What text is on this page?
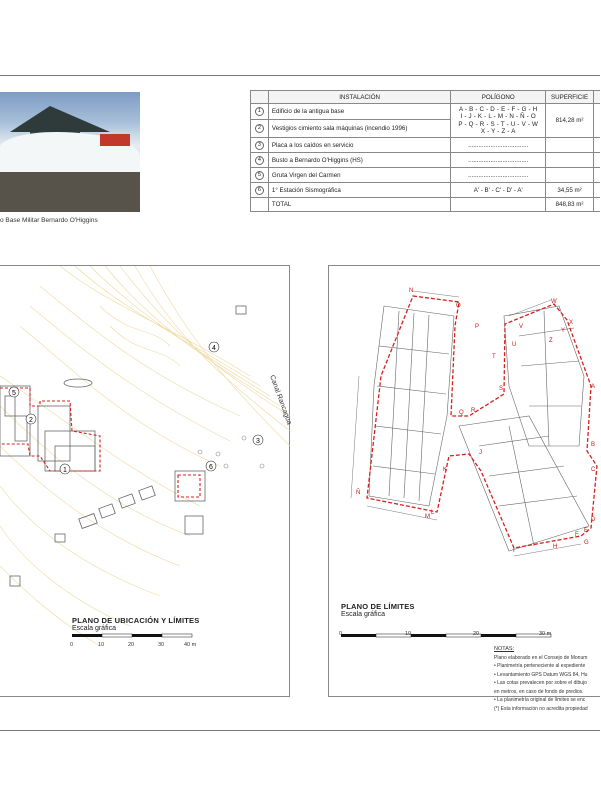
o Base Militar Bernardo O'Higgins
	INSTALACIÓN	POLÍGONO	SUPERFICIE	
1	Edificio de la antigua base	A - B - C - D - E - F - G - H
I - J - K - L - M - N - Ñ - O
P - Q - R - S - T - U - V - W
X - Y - Z - A	814,28 m²	
2	Vestigios cimiento sala máquinas (incendio 1996)			
3	Placa a los caídos en servicio	...................................		
4	Busto a Bernardo O'Higgins (HS)	...................................		
5	Gruta Virgen del Carmen	...................................		
6	1° Estación Sismográfica	A' - B' - C' - D' - A'	34,55 m²	
	TOTAL		848,83 m²	
1
2
3
4
5
6
Canal Rancagua
PLANO DE UBICACIÓN Y LÍMITES
Escala gráfica
0	10	20	30	40 m
N
O
P
Q R
S
T
U
V
W
X
Y
Z
A
B
C
D
E
F
G
H
I
J
K
L
M
Ñ
PLANO DE LÍMITES
Escala gráfica
0	10	20	30 m
NOTAS:
Plano elaborado en el Consejo de Monum
• Planimetría perteneciente al expediente
• Levantamiento GPS Datum WGS 84, Hu
• Las cotas prevalecen por sobre el dibujo
en metros, en caso de fondo de predios.
• La planimetría original de límites se enc
(*) Esta información no acredita propiedad
